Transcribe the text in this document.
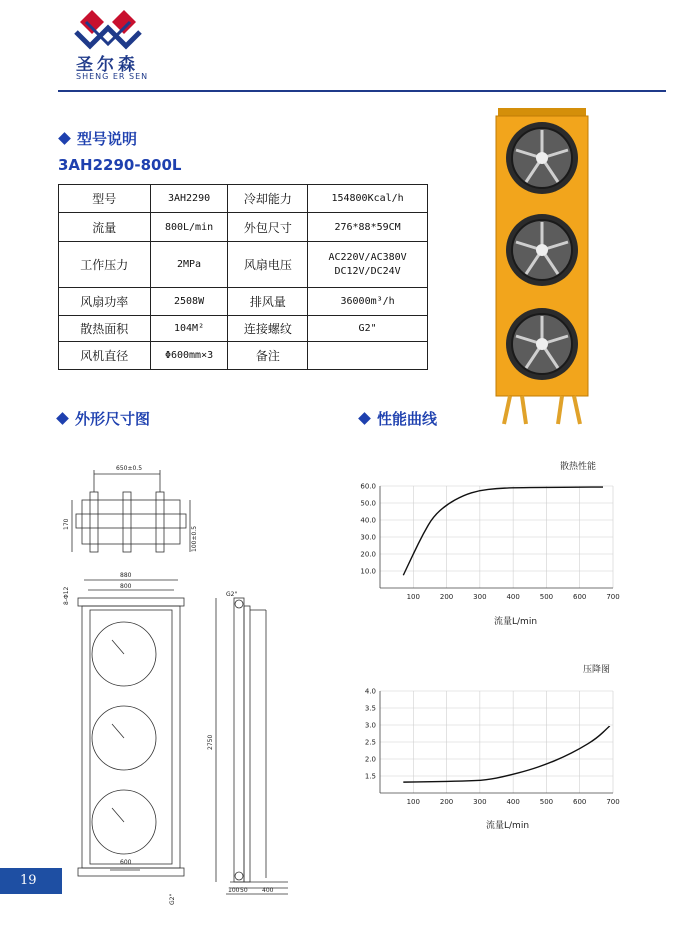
圣尔森
SHENG ER SEN
型号说明
3AH2290-800L
型号	3AH2290	冷却能力	154800Kcal/h
流量	800L/min	外包尺寸	276*88*59CM
工作压力	2MPa	风扇电压	AC220V/AC380V
DC12V/DC24V

风扇功率	2508W	排风量	36000m³/h
散热面积	104M²	连接螺纹	G2"
风机直径	Φ600mm×3	备注	
外形尺寸图	性能曲线
650±0.5
170
100±0.5
880
800
8-Φ12
600
2750
G2"
G2"
100 50 400
散热性能
100	200	300	400	500	600	700
10.0
20.0
30.0
40.0
50.0
60.0
流量L/min
压降图
100	200	300	400	500	600	700
1.5
2.0
2.5
3.0
3.5
4.0
流量L/min
19
